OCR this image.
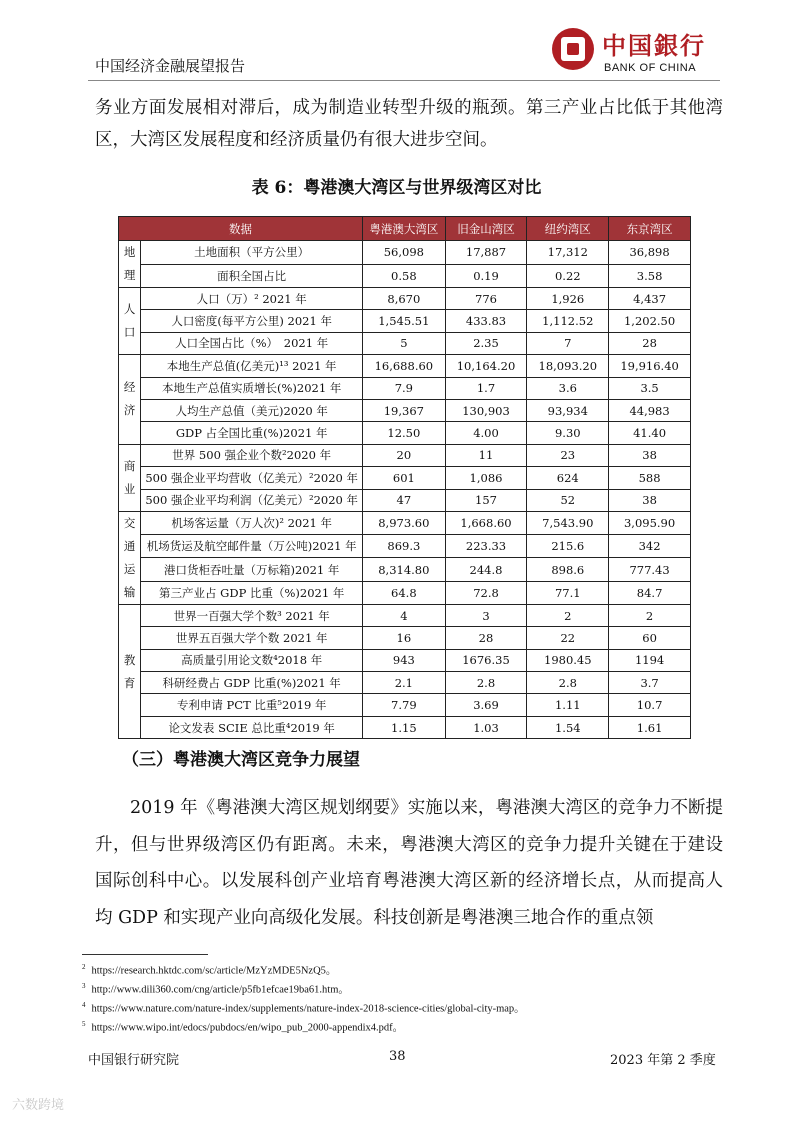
中国经济金融展望报告
中国銀行
BANK OF CHINA
务业方面发展相对滞后，成为制造业转型升级的瓶颈。第三产业占比低于其他湾区，大湾区发展程度和经济质量仍有很大进步空间。
表 6：粤港澳大湾区与世界级湾区对比
数据		粤港澳大湾区	旧金山湾区	纽约湾区	东京湾区
地理	土地面积（平方公里）	56,098	17,887	17,312	36,898
	面积全国占比	0.58	0.19	0.22	3.58
人口	人口（万）² 2021 年	8,670	776	1,926	4,437
	人口密度(每平方公里) 2021 年	1,545.51	433.83	1,112.52	1,202.50
	人口全国占比（%）　2021 年	5	2.35	7	28
经济	本地生产总值(亿美元)¹³ 2021 年	16,688.60	10,164.20	18,093.20	19,916.40
	本地生产总值实质增长(%)2021 年	7.9	1.7	3.6	3.5
	人均生产总值（美元)2020 年	19,367	130,903	93,934	44,983
	GDP 占全国比重(%)2021 年	12.50	4.00	9.30	41.40
商业	世界 500 强企业个数²2020 年	20	11	23	38
	500 强企业平均营收（亿美元）²2020 年	601	1,086	624	588
	500 强企业平均利润（亿美元）²2020 年	47	157	52	38
交通运输	机场客运量（万人次)² 2021 年	8,973.60	1,668.60	7,543.90	3,095.90
	机场货运及航空邮件量（万公吨)2021 年	869.3	223.33	215.6	342
	港口货柜吞吐量（万标箱)2021 年	8,314.80	244.8	898.6	777.43
	第三产业占 GDP 比重（%)2021 年	64.8	72.8	77.1	84.7
教育	世界一百强大学个数³ 2021 年	4	3	2	2
	世界五百强大学个数 2021 年	16	28	22	60
	高质量引用论文数⁴2018 年	943	1676.35	1980.45	1194
	科研经费占 GDP 比重(%)2021 年	2.1	2.8	2.8	3.7
	专利申请 PCT 比重⁵2019 年	7.79	3.69	1.11	10.7
	论文发表 SCIE 总比重⁴2019 年	1.15	1.03	1.54	1.61
（三）粤港澳大湾区竞争力展望
　　2019 年《粤港澳大湾区规划纲要》实施以来，粤港澳大湾区的竞争力不断提升，但与世界级湾区仍有距离。未来，粤港澳大湾区的竞争力提升关键在于建设国际创科中心。以发展科创产业培育粤港澳大湾区新的经济增长点，从而提高人均 GDP 和实现产业向高级化发展。科技创新是粤港澳三地合作的重点领
$^2$ https://research.hktdc.com/sc/article/MzYzMDE5NzQ5。
$^3$ http://www.dili360.com/cng/article/p5fb1efcae19ba61.htm。
$^4$ https://www.nature.com/nature-index/supplements/nature-index-2018-science-cities/global-city-map。
$^5$ https://www.wipo.int/edocs/pubdocs/en/wipo_pub_2000-appendix4.pdf。
中国银行研究院	38	2023 年第 2 季度
六数跨境
